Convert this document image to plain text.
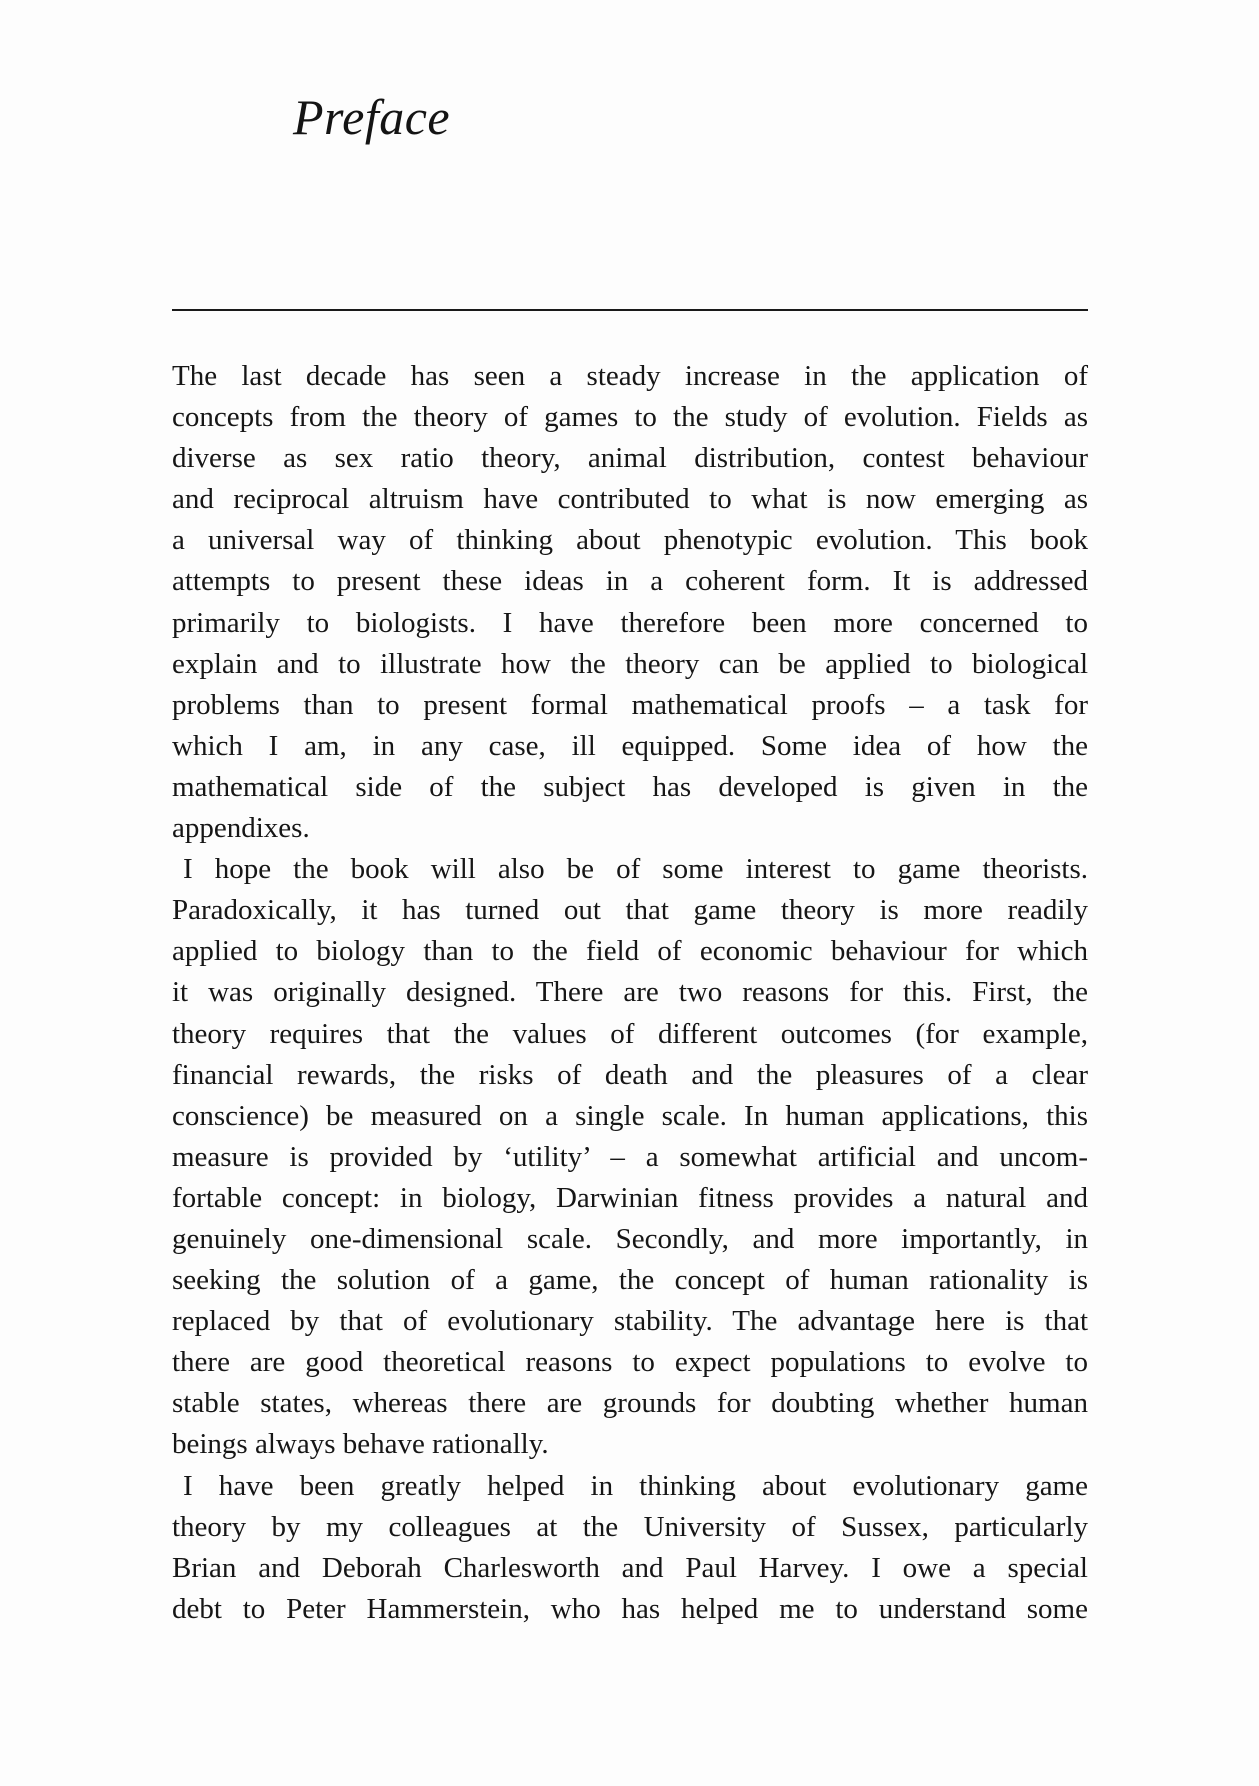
Preface
The last decade has seen a steady increase in the application of
concepts from the theory of games to the study of evolution. Fields as
diverse as sex ratio theory, animal distribution, contest behaviour
and reciprocal altruism have contributed to what is now emerging as
a universal way of thinking about phenotypic evolution. This book
attempts to present these ideas in a coherent form. It is addressed
primarily to biologists. I have therefore been more concerned to
explain and to illustrate how the theory can be applied to biological
problems than to present formal mathematical proofs – a task for
which I am, in any case, ill equipped. Some idea of how the
mathematical side of the subject has developed is given in the
appendixes.
I hope the book will also be of some interest to game theorists.
Paradoxically, it has turned out that game theory is more readily
applied to biology than to the field of economic behaviour for which
it was originally designed. There are two reasons for this. First, the
theory requires that the values of different outcomes (for example,
financial rewards, the risks of death and the pleasures of a clear
conscience) be measured on a single scale. In human applications, this
measure is provided by ‘utility’ – a somewhat artificial and uncom-
fortable concept: in biology, Darwinian fitness provides a natural and
genuinely one-dimensional scale. Secondly, and more importantly, in
seeking the solution of a game, the concept of human rationality is
replaced by that of evolutionary stability. The advantage here is that
there are good theoretical reasons to expect populations to evolve to
stable states, whereas there are grounds for doubting whether human
beings always behave rationally.
I have been greatly helped in thinking about evolutionary game
theory by my colleagues at the University of Sussex, particularly
Brian and Deborah Charlesworth and Paul Harvey. I owe a special
debt to Peter Hammerstein, who has helped me to understand some
